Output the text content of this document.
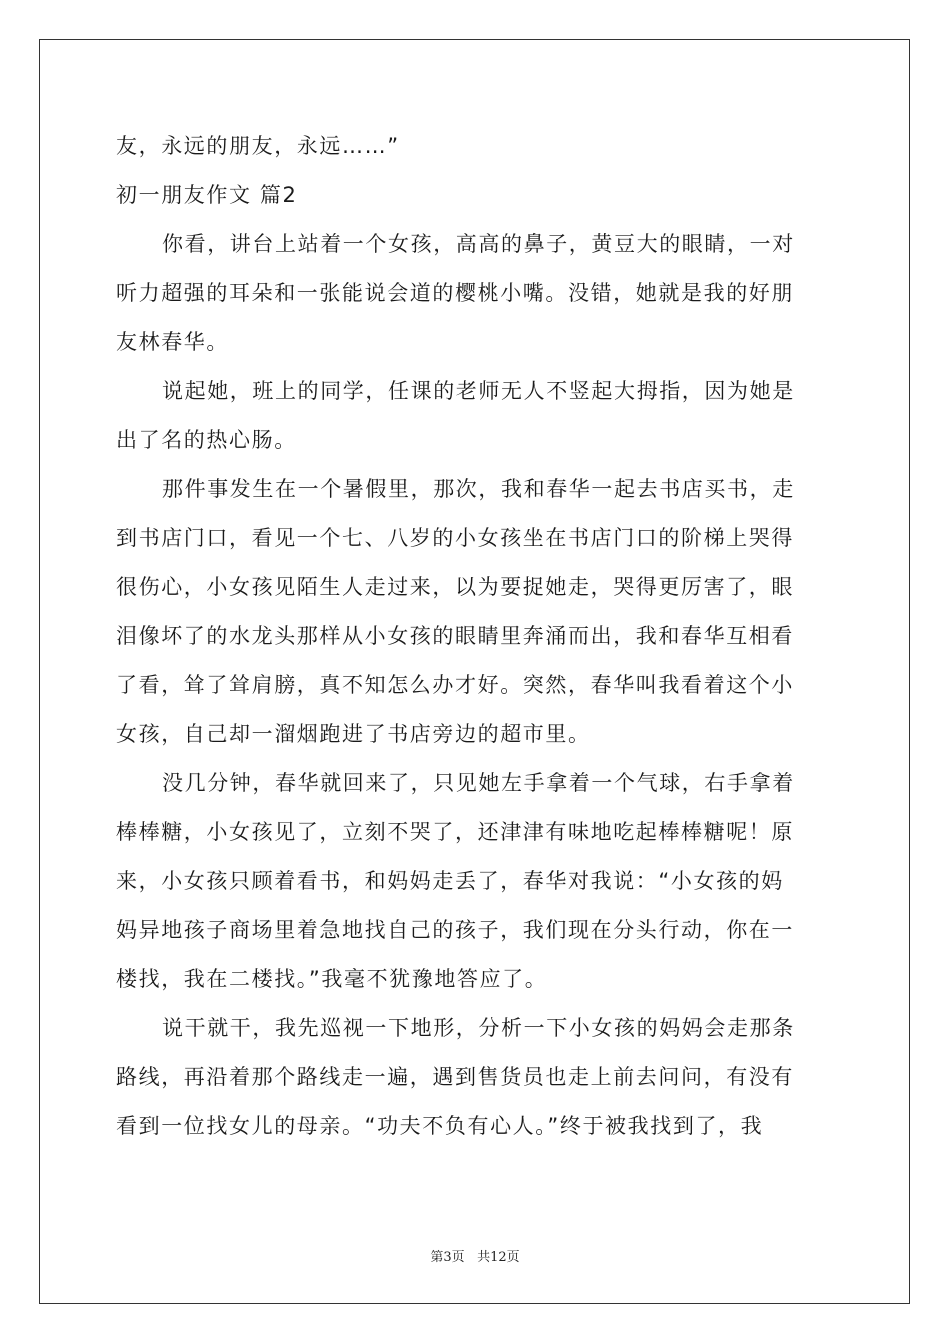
友，永远的朋友，永远……”
初一朋友作文 篇2
你看，讲台上站着一个女孩，高高的鼻子，黄豆大的眼睛，一对
听力超强的耳朵和一张能说会道的樱桃小嘴。没错，她就是我的好朋
友林春华。
说起她，班上的同学，任课的老师无人不竖起大拇指，因为她是
出了名的热心肠。
那件事发生在一个暑假里，那次，我和春华一起去书店买书，走
到书店门口，看见一个七、八岁的小女孩坐在书店门口的阶梯上哭得
很伤心，小女孩见陌生人走过来，以为要捉她走，哭得更厉害了，眼
泪像坏了的水龙头那样从小女孩的眼睛里奔涌而出，我和春华互相看
了看，耸了耸肩膀，真不知怎么办才好。突然，春华叫我看着这个小
女孩，自己却一溜烟跑进了书店旁边的超市里。
没几分钟，春华就回来了，只见她左手拿着一个气球，右手拿着
棒棒糖，小女孩见了，立刻不哭了，还津津有味地吃起棒棒糖呢！原
来，小女孩只顾着看书，和妈妈走丢了，春华对我说：“小女孩的妈
妈异地孩子商场里着急地找自己的孩子，我们现在分头行动，你在一
楼找，我在二楼找。”我毫不犹豫地答应了。
说干就干，我先巡视一下地形，分析一下小女孩的妈妈会走那条
路线，再沿着那个路线走一遍，遇到售货员也走上前去问问，有没有
看到一位找女儿的母亲。“功夫不负有心人。”终于被我找到了，我
第3页 共12页
